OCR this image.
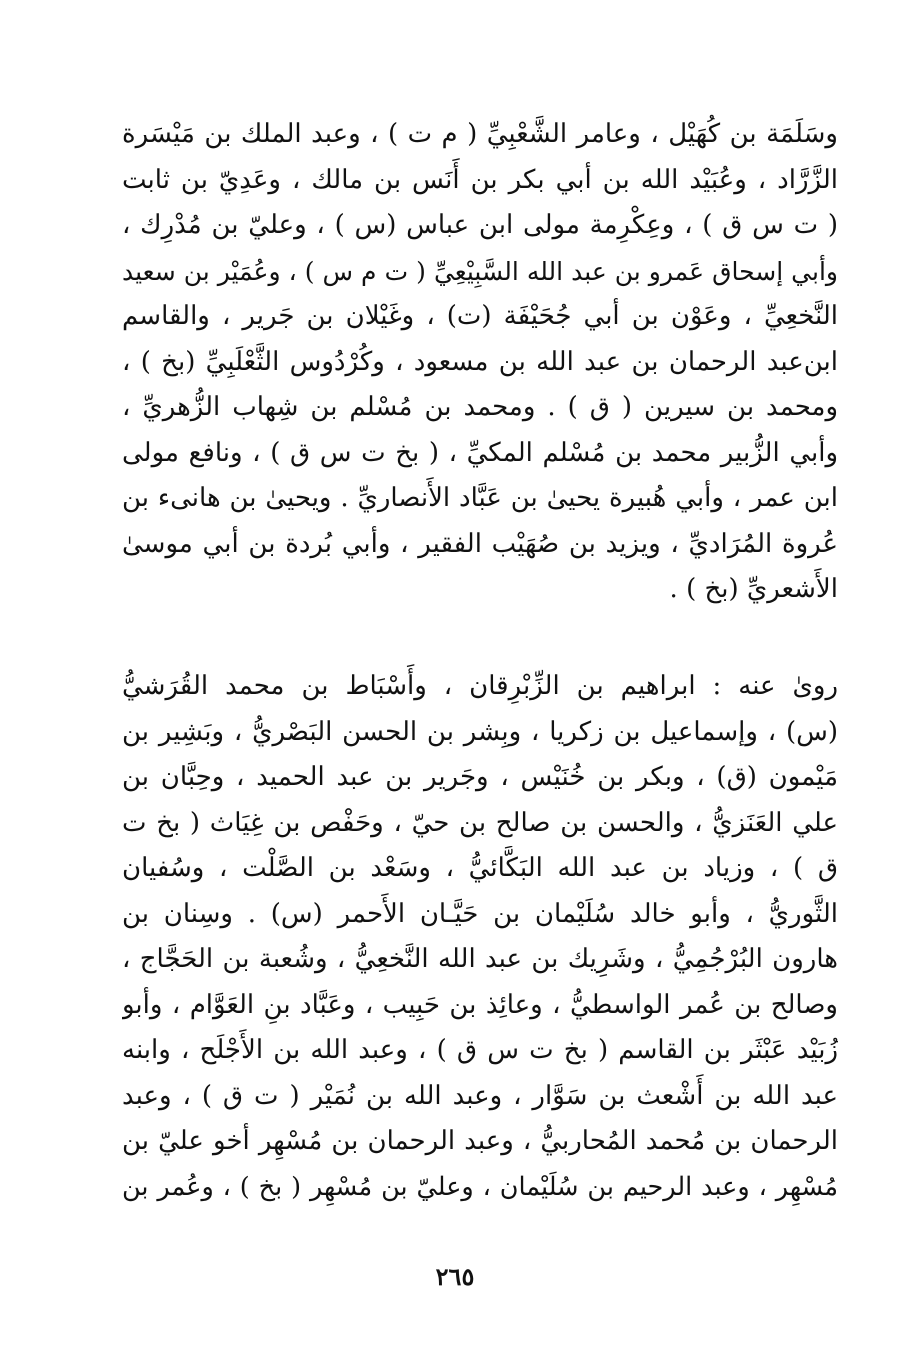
وسَلَمَة بن كُهَيْل ، وعامر الشَّعْبِيِّ ( م ت ) ، وعبد الملك بن مَيْسَرة
الزَّرَّاد ، وعُبَيْد الله بن أبي بكر بن أَنَس بن مالك ، وعَدِيّ بن ثابت
( ت س ق ) ، وعِكْرِمة مولى ابن عباس (س ) ، وعليّ بن مُدْرِك ،
وأبي إسحاق عَمرو بن عبد الله السَّبِيْعِيِّ ( ت م س ) ، وعُمَيْر بن سعيد
النَّخعِيِّ ، وعَوْن بن أبي جُحَيْفَة (ت) ، وغَيْلان بن جَرير ، والقاسم
ابن‌عبد الرحمان بن عبد الله بن مسعود ، وكُرْدُوس الثَّعْلَبِيِّ (بخ ) ،
ومحمد بن سيرين ( ق ) . ومحمد بن مُسْلم بن شِهاب الزُّهريِّ ،
وأبي الزُّبير محمد بن مُسْلم المكيِّ ، ( بخ ت س ق ) ، ونافع مولى
ابن عمر ، وأبي هُبيرة يحيىٰ بن عَبَّاد الأَنصاريِّ . ويحيىٰ بن هانىء بن
عُروة المُرَاديِّ ، ويزيد بن صُهَيْب الفقير ، وأبي بُردة بن أبي موسىٰ
الأَشعريِّ (بخ ) .
روىٰ عنه : ابراهيم بن الزِّبْرِقان ، وأَسْبَاط بن محمد القُرَشيُّ
(س) ، وإسماعيل بن زكريا ، وبِشر بن الحسن البَصْريُّ ، وبَشِير بن
مَيْمون (ق) ، وبكر بن خُنَيْس ، وجَرير بن عبد الحميد ، وحِبَّان بن
علي العَنَزيُّ ، والحسن بن صالح بن حيّ ، وحَفْص بن غِيَاث ( بخ ت
ق ) ، وزياد بن عبد الله البَكَّائيُّ ، وسَعْد بن الصَّلْت ، وسُفيان
الثَّوريُّ ، وأبو خالد سُلَيْمان بن حَيَّـان الأَحمر (س) . وسِنان بن
هارون البُرْجُمِيُّ ، وشَرِيك بن عبد الله النَّخعِيُّ ، وشُعبة بن الحَجَّاج ،
وصالح بن عُمر الواسطيُّ ، وعائِذ بن حَبِيب ، وعَبَّاد بنِ العَوَّام ، وأبو
زُبَيْد عَبْثَر بن القاسم ( بخ ت س ق ) ، وعبد الله بن الأَجْلَح ، وابنه
عبد الله بن أَشْعث بن سَوَّار ، وعبد الله بن نُمَيْر ( ت ق ) ، وعبد
الرحمان بن مُحمد المُحاربيُّ ، وعبد الرحمان بن مُسْهِر أخو عليّ بن
مُسْهِر ، وعبد الرحيم بن سُلَيْمان ، وعليّ بن مُسْهِر ( بخ ) ، وعُمر بن
٢٦٥
